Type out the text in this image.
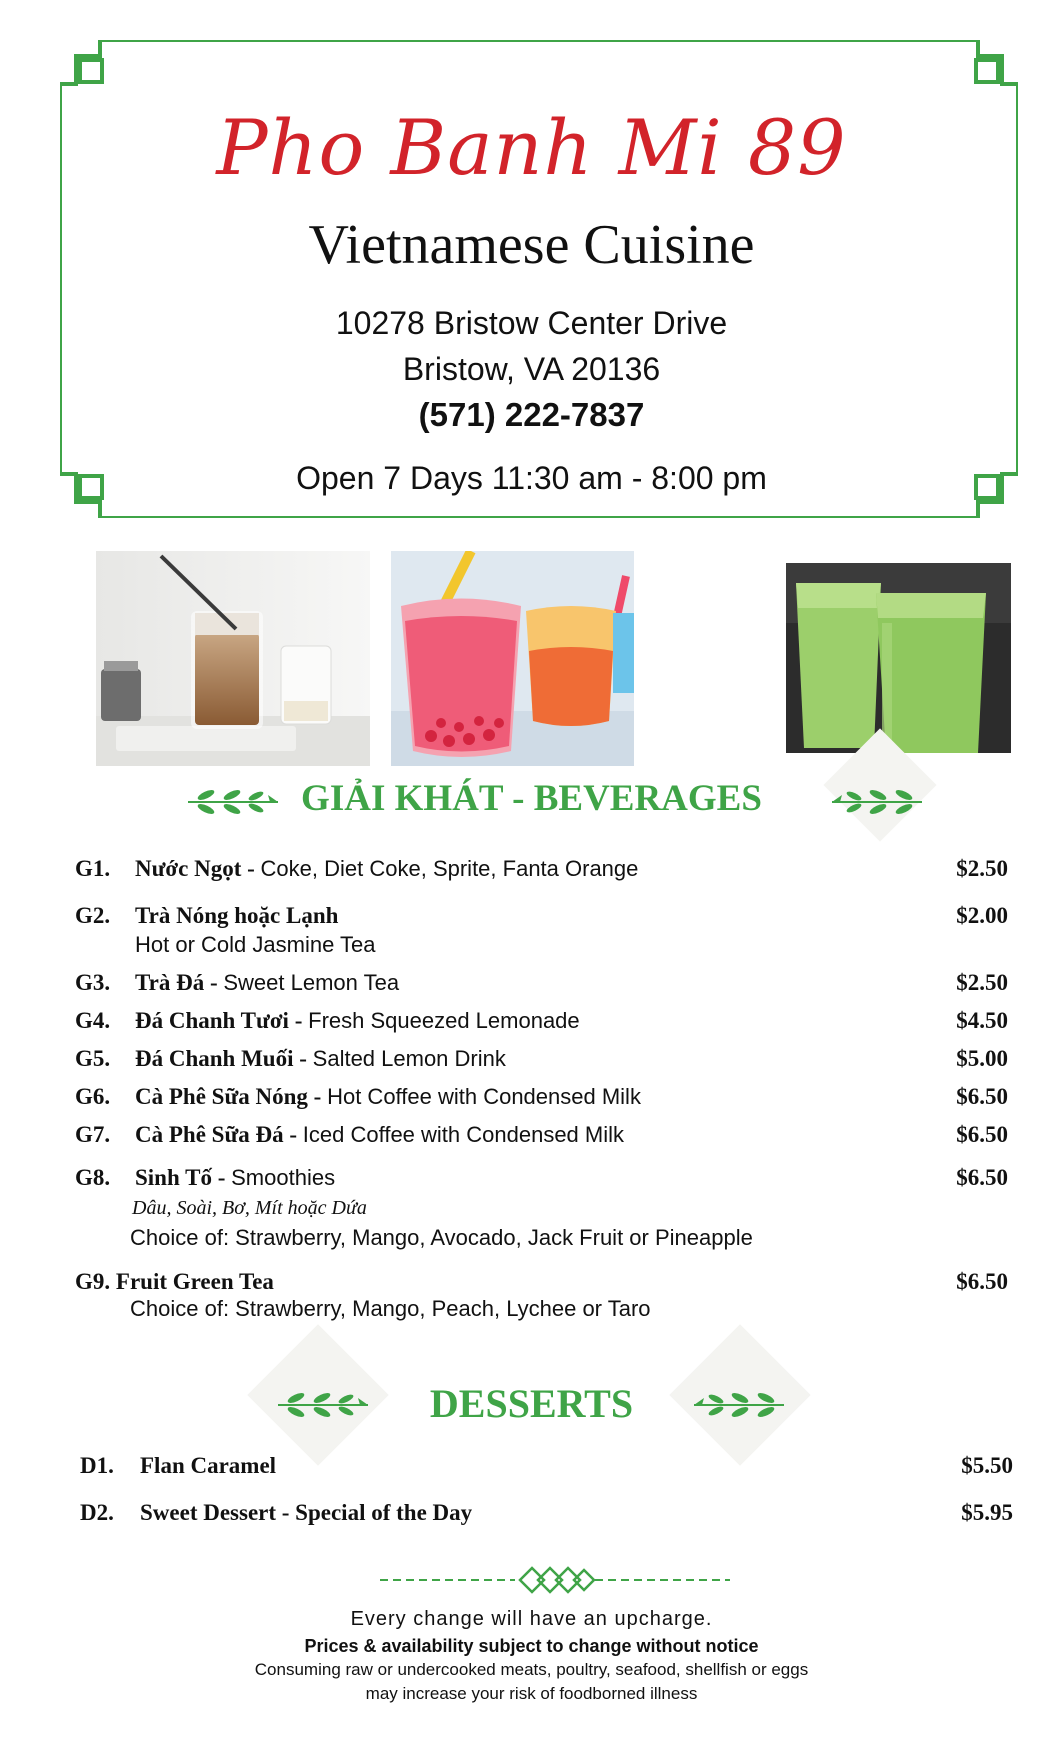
Pho Banh Mi 89
Vietnamese Cuisine
10278 Bristow Center Drive
Bristow, VA 20136
(571) 222-7837
Open 7 Days 11:30 am - 8:00 pm
GIẢI KHÁT - BEVERAGES
G1. Nước Ngọt - Coke, Diet Coke, Sprite, Fanta Orange	$2.50
G2. Trà Nóng hoặc Lạnh	$2.00
Hot or Cold Jasmine Tea
G3. Trà Đá - Sweet Lemon Tea	$2.50
G4. Đá Chanh Tươi - Fresh Squeezed Lemonade	$4.50
G5. Đá Chanh Muối - Salted Lemon Drink	$5.00
G6. Cà Phê Sữa Nóng - Hot Coffee with Condensed Milk	$6.50
G7. Cà Phê Sữa Đá - Iced Coffee with Condensed Milk	$6.50
G8. Sinh Tố - Smoothies	$6.50
Dâu, Soài, Bơ, Mít hoặc Dứa
Choice of: Strawberry, Mango, Avocado, Jack Fruit or Pineapple
G9. Fruit Green Tea	$6.50
Choice of: Strawberry, Mango, Peach, Lychee or Taro
DESSERTS
D1. Flan Caramel	$5.50
D2. Sweet Dessert - Special of the Day	$5.95
Every change will have an upcharge.
Prices & availability subject to change without notice
Consuming raw or undercooked meats, poultry, seafood, shellfish or eggs
may increase your risk of foodborned illness
